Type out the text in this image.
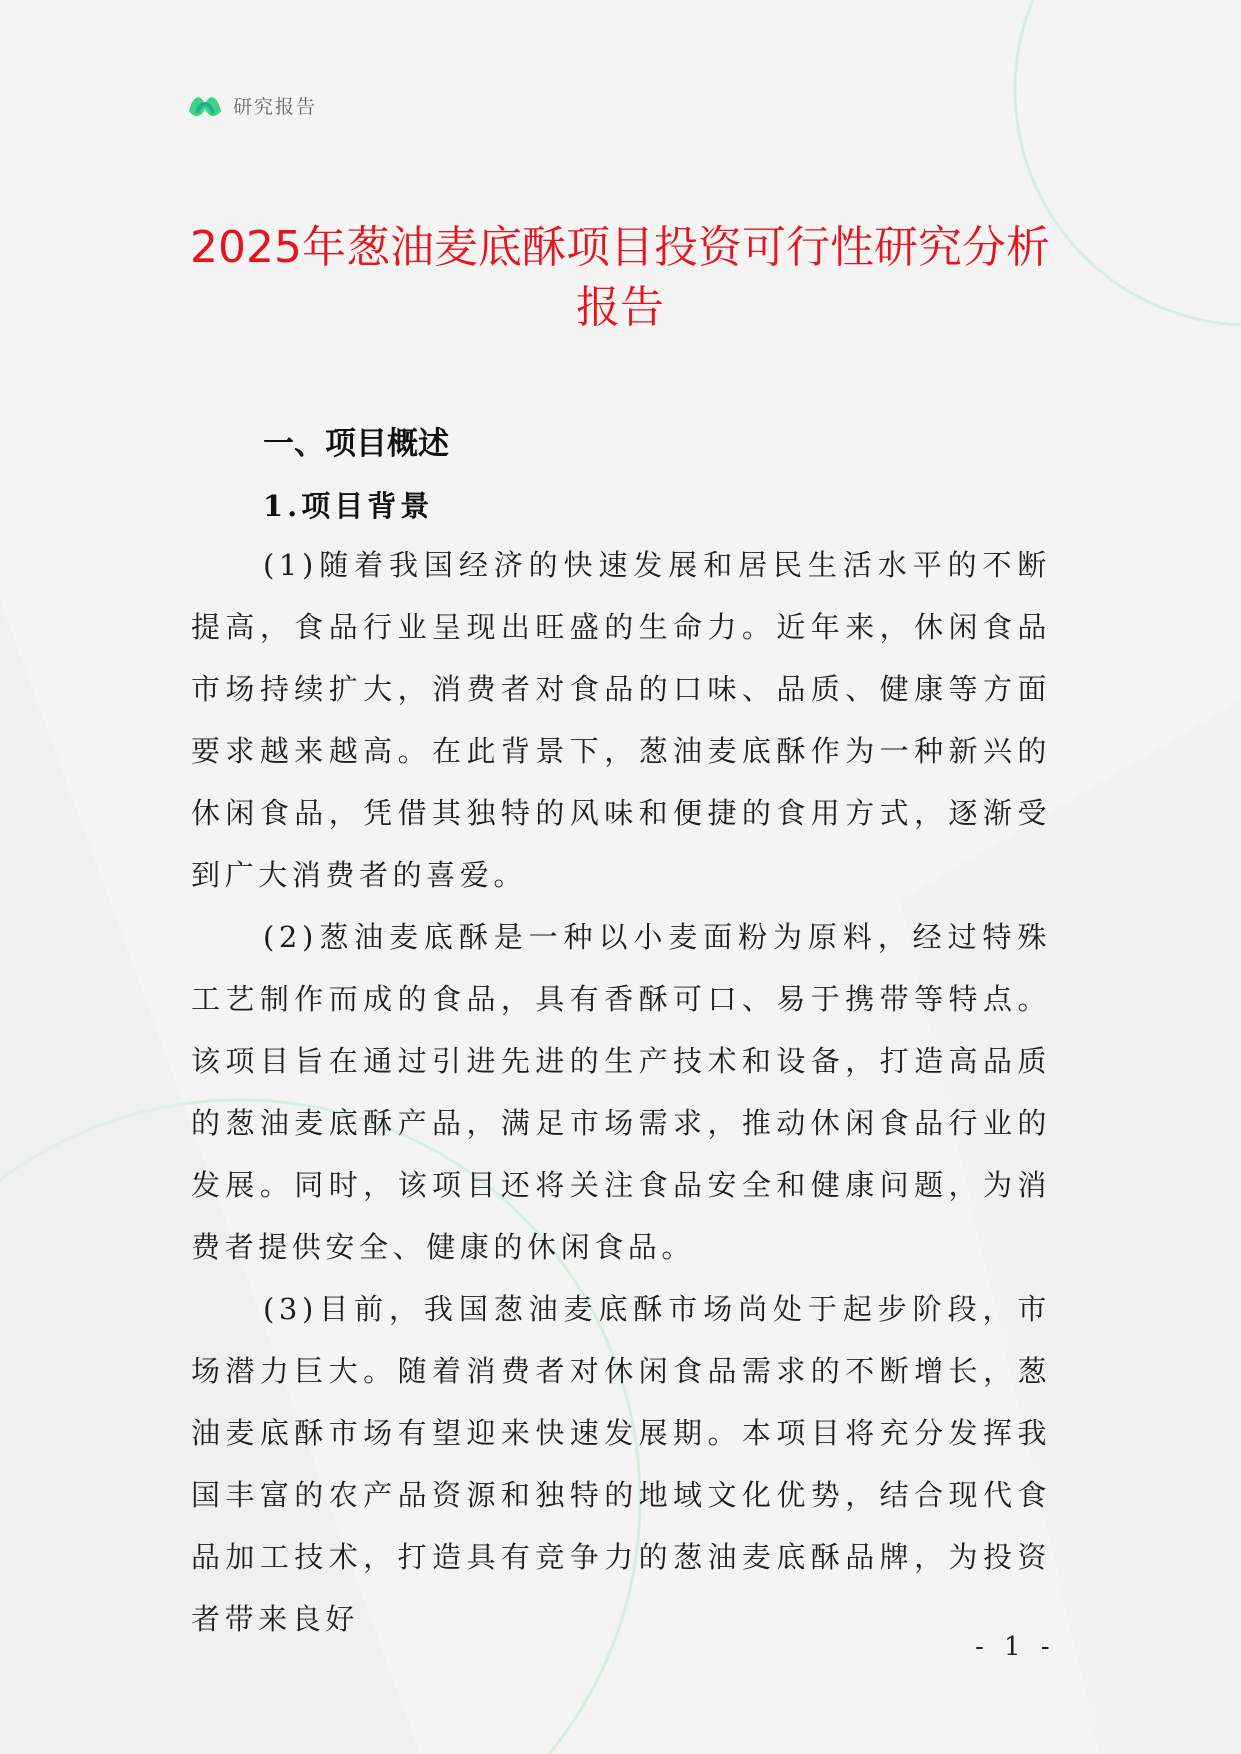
研究报告
2025年葱油麦底酥项目投资可行性研究分析报告
一、项目概述
1.项目背景

(1)随着我国经济的快速发展和居民生活水平的不断提高，食品行业呈现出旺盛的生命力。近年来，休闲食品市场持续扩大，消费者对食品的口味、品质、健康等方面要求越来越高。在此背景下，葱油麦底酥作为一种新兴的休闲食品，凭借其独特的风味和便捷的食用方式，逐渐受到广大消费者的喜爱。

(2)葱油麦底酥是一种以小麦面粉为原料，经过特殊工艺制作而成的食品，具有香酥可口、易于携带等特点。该项目旨在通过引进先进的生产技术和设备，打造高品质的葱油麦底酥产品，满足市场需求，推动休闲食品行业的发展。同时，该项目还将关注食品安全和健康问题，为消费者提供安全、健康的休闲食品。

(3)目前，我国葱油麦底酥市场尚处于起步阶段，市场潜力巨大。随着消费者对休闲食品需求的不断增长，葱油麦底酥市场有望迎来快速发展期。本项目将充分发挥我国丰富的农产品资源和独特的地域文化优势，结合现代食品加工技术，打造具有竞争力的葱油麦底酥品牌，为投资者带来良好

- 1 -
